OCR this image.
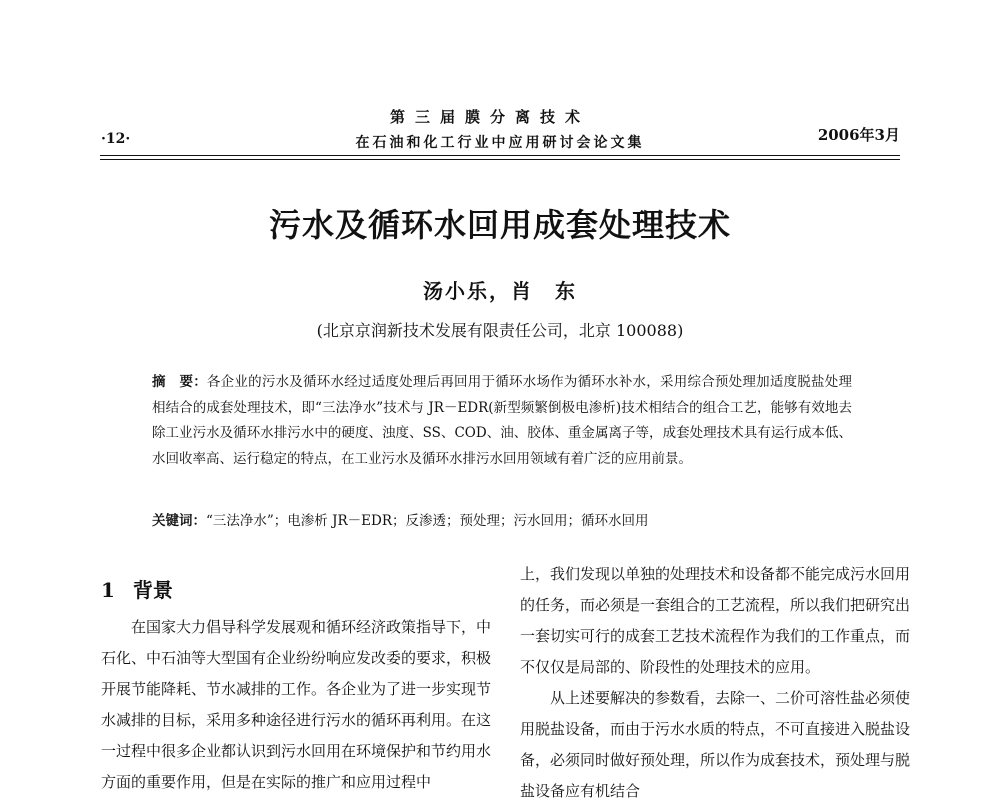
·12·
第三届膜分离技术
在石油和化工行业中应用研讨会论文集	2006年3月
污水及循环水回用成套处理技术
汤小乐，肖　东
(北京京润新技术发展有限责任公司，北京 100088)
摘　要：各企业的污水及循环水经过适度处理后再回用于循环水场作为循环水补水，采用综合预处理加适度脱盐处理相结合的成套处理技术，即“三法净水”技术与 JR－EDR(新型频繁倒极电渗析)技术相结合的组合工艺，能够有效地去除工业污水及循环水排污水中的硬度、浊度、SS、COD、油、胶体、重金属离子等，成套处理技术具有运行成本低、水回收率高、运行稳定的特点，在工业污水及循环水排污水回用领域有着广泛的应用前景。
关键词：“三法净水”；电渗析 JR－EDR；反渗透；预处理；污水回用；循环水回用
1 背景

在国家大力倡导科学发展观和循环经济政策指导下，中石化、中石油等大型国有企业纷纷响应发改委的要求，积极开展节能降耗、节水减排的工作。各企业为了进一步实现节水减排的目标，采用多种途径进行污水的循环再利用。在这一过程中很多企业都认识到污水回用在环境保护和节约用水方面的重要作用，但是在实际的推广和应用过程中

上，我们发现以单独的处理技术和设备都不能完成污水回用的任务，而必须是一套组合的工艺流程，所以我们把研究出一套切实可行的成套工艺技术流程作为我们的工作重点，而不仅仅是局部的、阶段性的处理技术的应用。

从上述要解决的参数看，去除一、二价可溶性盐必须使用脱盐设备，而由于污水水质的特点，不可直接进入脱盐设备，必须同时做好预处理，所以作为成套技术，预处理与脱盐设备应有机结合
